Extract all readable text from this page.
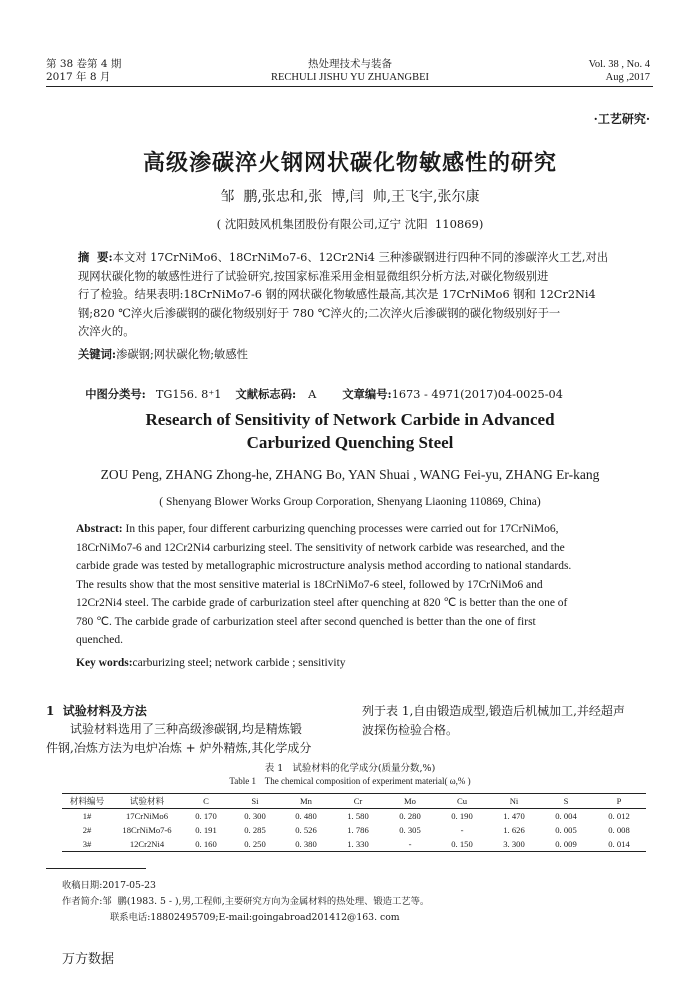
第 38 卷第 4 期
2017 年 8 月
热处理技术与装备
RECHULI JISHU YU ZHUANGBEI
Vol. 38 , No. 4
Aug ,2017
·工艺研究·
高级渗碳淬火钢网状碳化物敏感性的研究
邹  鹏,张忠和,张  博,闫  帅,王飞宇,张尔康
( 沈阳鼓风机集团股份有限公司,辽宁 沈阳  110869)
摘  要:本文对 17CrNiMo6、18CrNiMo7-6、12Cr2Ni4 三种渗碳钢进行四种不同的渗碳淬火工艺,对出
现网状碳化物的敏感性进行了试验研究,按国家标准采用金相显微组织分析方法,对碳化物级别进
行了检验。结果表明:18CrNiMo7-6 钢的网状碳化物敏感性最高,其次是 17CrNiMo6 钢和 12Cr2Ni4
钢;820 ℃淬火后渗碳钢的碳化物级别好于 780 ℃淬火的;二次淬火后渗碳钢的碳化物级别好于一
次淬火的。
关键词:渗碳钢;网状碳化物;敏感性

中图分类号: TG156. 8⁺1 文献标志码: A 文章编号:1673 - 4971(2017)04-0025-04

Research of Sensitivity of Network Carbide in Advanced
Carburized Quenching Steel
ZOU Peng, ZHANG Zhong-he, ZHANG Bo, YAN Shuai , WANG Fei-yu, ZHANG Er-kang
( Shenyang Blower Works Group Corporation, Shenyang Liaoning 110869, China)
Abstract: In this paper, four different carburizing quenching processes were carried out for 17CrNiMo6,
18CrNiMo7-6 and 12Cr2Ni4 carburizing steel. The sensitivity of network carbide was researched, and the
carbide grade was tested by metallographic microstructure analysis method according to national standards.
The results show that the most sensitive material is 18CrNiMo7-6 steel, followed by 17CrNiMo6 and
12Cr2Ni4 steel. The carbide grade of carburization steel after quenching at 820 ℃ is better than the one of
780 ℃. The carbide grade of carburization steel after second quenched is better than the one of first
quenched.
Key words:carburizing steel; network carbide ; sensitivity
1  试验材料及方法
试验材料选用了三种高级渗碳钢,均是精炼锻
件钢,冶炼方法为电炉冶炼 + 炉外精炼,其化学成分
列于表 1,自由锻造成型,锻造后机械加工,并经超声
波探伤检验合格。
表 1   试验材料的化学成分(质量分数,%)
Table 1    The chemical composition of experiment material( ω,% )
材料编号	试验材料	C	Si	Mn	Cr	Mo	Cu	Ni	S	P
1#	17CrNiMo6	0. 170	0. 300	0. 480	1. 580	0. 280	0. 190	1. 470	0. 004	0. 012
2#	18CrNiMo7-6	0. 191	0. 285	0. 526	1. 786	0. 305	-	1. 626	0. 005	0. 008
3#	12Cr2Ni4	0. 160	0. 250	0. 380	1. 330	-	0. 150	3. 300	0. 009	0. 014
收稿日期:2017-05-23
作者简介:邹  鹏(1983. 5 - ),男,工程师,主要研究方向为金属材料的热处理、锻造工艺等。
联系电话:18802495709;E-mail:goingabroad201412@163. com
万方数据
